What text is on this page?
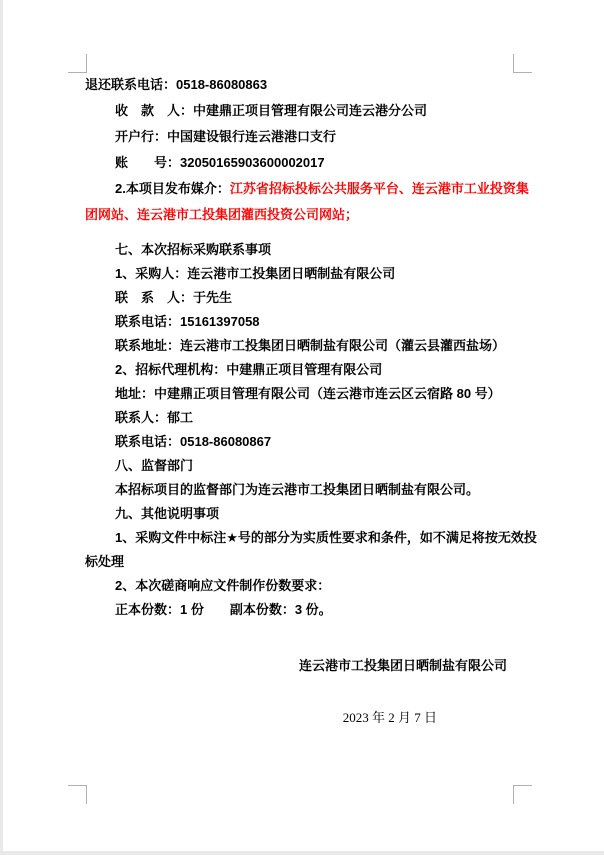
退还联系电话：0518-86080863
收　款　人：中建鼎正项目管理有限公司连云港分公司
开户行：中国建设银行连云港港口支行
账　　号：32050165903600002017
2.本项目发布媒介：江苏省招标投标公共服务平台、连云港市工业投资集
团网站、连云港市工投集团灌西投资公司网站；
七、本次招标采购联系事项
1、采购人：连云港市工投集团日晒制盐有限公司
联　系　人：于先生
联系电话：15161397058
联系地址：连云港市工投集团日晒制盐有限公司（灌云县灌西盐场）
2、招标代理机构：中建鼎正项目管理有限公司
地址：中建鼎正项目管理有限公司（连云港市连云区云宿路 80 号）
联系人：郁工
联系电话：0518-86080867
八、监督部门
本招标项目的监督部门为连云港市工投集团日晒制盐有限公司。
九、其他说明事项
1、采购文件中标注★号的部分为实质性要求和条件，如不满足将按无效投
标处理
2、本次磋商响应文件制作份数要求：
正本份数：1 份　　副本份数：3 份。
连云港市工投集团日晒制盐有限公司
2023 年 2 月 7 日
